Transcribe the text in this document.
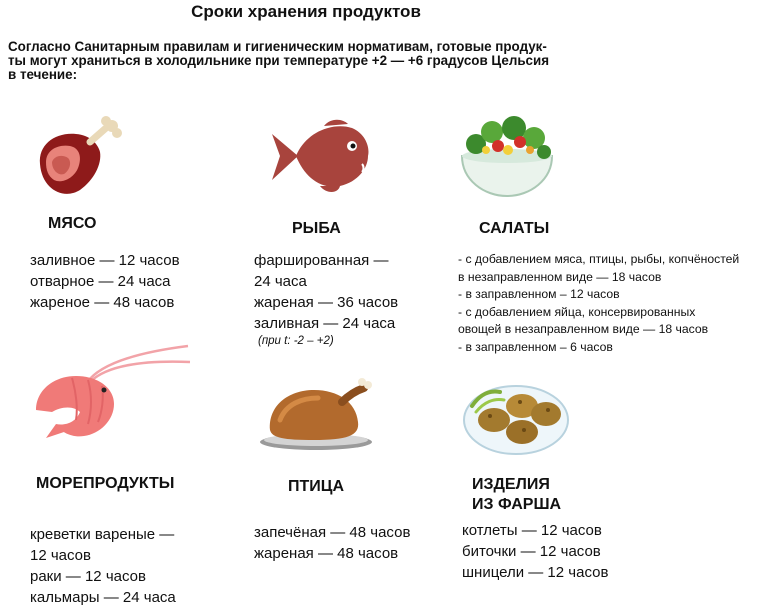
Сроки хранения продуктов
Согласно Санитарным правилам и гигиеническим нормативам, готовые продук-
ты могут храниться в холодильнике при температуре +2 — +6 градусов Цельсия
в течение:
МЯСО
заливное — 12 часов
отварное — 24 часа
жареное — 48 часов
РЫБА
фаршированная —
24 часа
жареная — 36 часов
заливная — 24 часа
(при t: -2 – +2)
САЛАТЫ
- с добавлением мяса, птицы, рыбы, копчёностей
в незаправленном виде — 18 часов
- в заправленном – 12 часов
- с добавлением яйца, консервированных
овощей в незаправленном виде — 18 часов
- в заправленном – 6 часов
МОРЕПРОДУКТЫ
креветки вареные —
12 часов
раки — 12 часов
кальмары — 24 часа
ПТИЦА
запечёная — 48 часов
жареная — 48 часов
ИЗДЕЛИЯ
ИЗ ФАРША
котлеты — 12 часов
биточки — 12 часов
шницели — 12 часов
